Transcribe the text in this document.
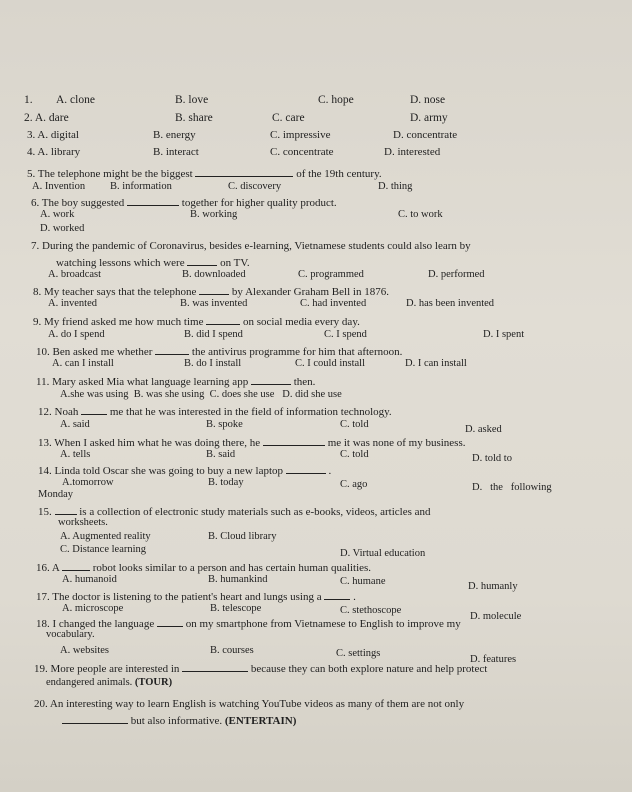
1. A. clone	B. love	C. hope	D. nose
2. A. dare	B. share	C. care	D. army
3. A. digital	B. energy	C. impressive	D. concentrate
4. A. library	B. interact	C. concentrate	D. interested
5. The telephone might be the biggest	of the 19th century.
A. Invention B. information	C. discovery	D. thing
6. The boy suggested	together for higher quality product.
A. work	B. working	C. to work
D. worked
7. During the pandemic of Coronavirus, besides e-learning, Vietnamese students could also learn by
watching lessons which were	on TV.
A. broadcast	B. downloaded	C. programmed	D. performed
8. My teacher says that the telephone	by Alexander Graham Bell in 1876.
A. invented	B. was invented	C. had invented	D. has been invented
9. My friend asked me how much time	on social media every day.
A. do I spend	B. did I spend	C. I spend	D. I spent
10. Ben asked me whether	the antivirus programme for him that afternoon.
A. can I install	B. do I install	C. I could install	D. I can install
11. Mary asked Mia what language learning app	then.
A.she was using  B. was she using  C. does she use   D. did she use
12. Noah	me that he was interested in the field of information technology.
A. said	B. spoke	C. told	D. asked
13. When I asked him what he was doing there, he	me it was none of my business.
A. tells	B. said	C. told	D. told to
14. Linda told Oscar she was going to buy a new laptop	.
A.tomorrow	B. today	C. ago	D.   the   following
Monday
15.	is a collection of electronic study materials such as e-books, videos, articles and
worksheets.
A. Augmented reality	B. Cloud library
C. Distance learning	D. Virtual education
16. A	robot looks similar to a person and has certain human qualities.
A. humanoid	B. humankind	C. humane	D. humanly
17. The doctor is listening to the patient's heart and lungs using a	.
A. microscope	B. telescope	C. stethoscope
D. molecule
18. I changed the language	on my smartphone from Vietnamese to English to improve my
vocabulary.
A. websites	B. courses	C. settings
D. features
19. More people are interested in	because they can both explore nature and help protect
endangered animals. (TOUR)
20. An interesting way to learn English is watching YouTube videos as many of them are not only
but also informative. (ENTERTAIN)
